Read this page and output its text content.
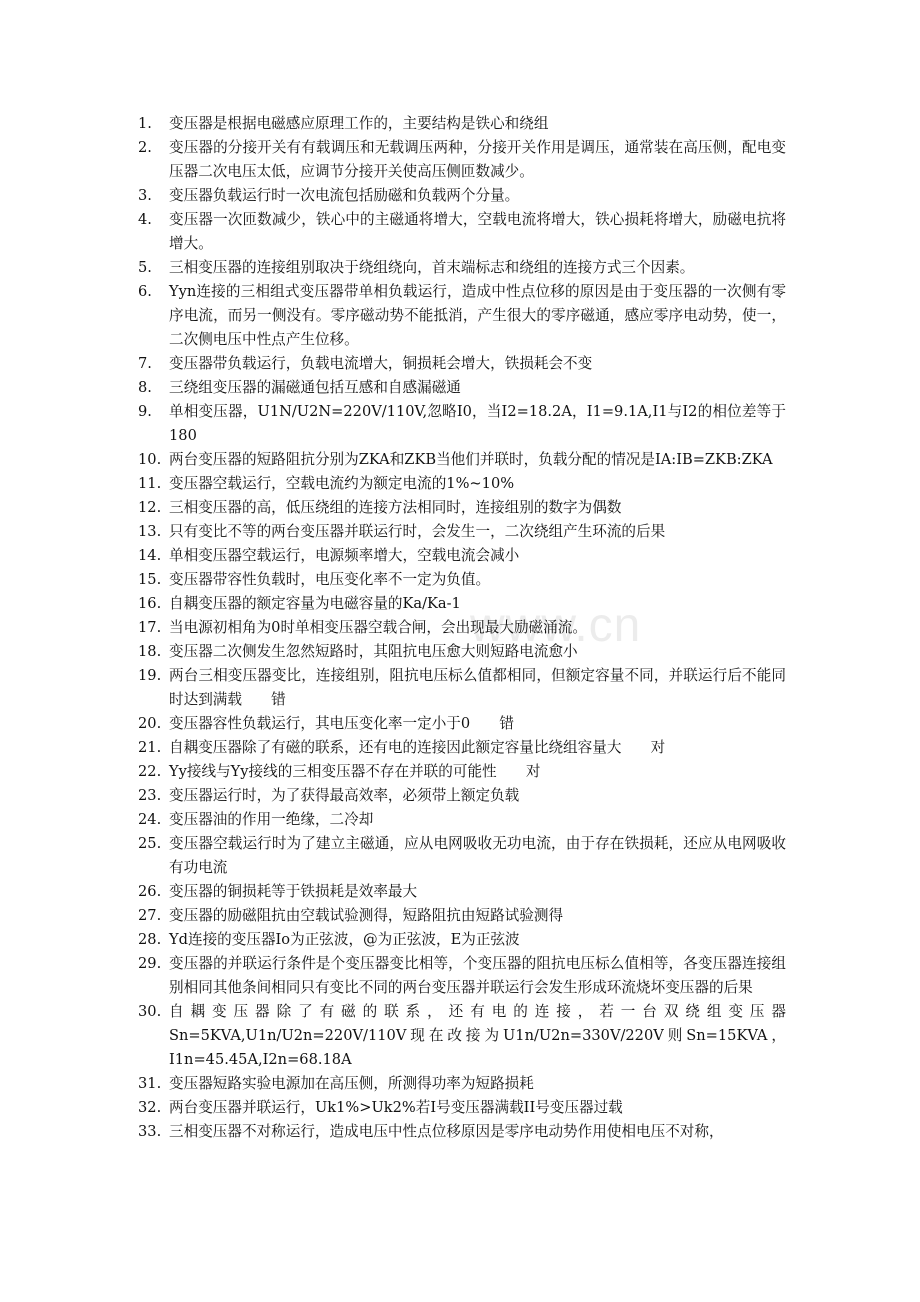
www.cn
1.	变压器是根据电磁感应原理工作的，主要结构是铁心和绕组
2.	变压器的分接开关有有载调压和无载调压两种，分接开关作用是调压，通常装在高压侧，配电变压器二次电压太低，应调节分接开关使高压侧匝数减少。
3.	变压器负载运行时一次电流包括励磁和负载两个分量。
4.	变压器一次匝数减少，铁心中的主磁通将增大，空载电流将增大，铁心损耗将增大，励磁电抗将增大。
5.	三相变压器的连接组别取决于绕组绕向，首末端标志和绕组的连接方式三个因素。
6.	Yyn连接的三相组式变压器带单相负载运行，造成中性点位移的原因是由于变压器的一次侧有零序电流，而另一侧没有。零序磁动势不能抵消，产生很大的零序磁通，感应零序电动势，使一，二次侧电压中性点产生位移。
7.	变压器带负载运行，负载电流增大，铜损耗会增大，铁损耗会不变
8.	三绕组变压器的漏磁通包括互感和自感漏磁通
9.	单相变压器，U1N/U2N=220V/110V,忽略I0，当I2=18.2A，I1=9.1A,I1与I2的相位差等于180
10. 两台变压器的短路阻抗分别为ZKA和ZKB当他们并联时，负载分配的情况是IA:IB=ZKB:ZKA
11. 变压器空载运行，空载电流约为额定电流的1%~10%
12. 三相变压器的高，低压绕组的连接方法相同时，连接组别的数字为偶数
13. 只有变比不等的两台变压器并联运行时，会发生一，二次绕组产生环流的后果
14. 单相变压器空载运行，电源频率增大，空载电流会减小
15. 变压器带容性负载时，电压变化率不一定为负值。
16. 自耦变压器的额定容量为电磁容量的Ka/Ka-1
17. 当电源初相角为0时单相变压器空载合闸，会出现最大励磁涌流。
18. 变压器二次侧发生忽然短路时，其阻抗电压愈大则短路电流愈小
19. 两台三相变压器变比，连接组别，阻抗电压标么值都相同，但额定容量不同，并联运行后不能同时达到满载　　错
20. 变压器容性负载运行，其电压变化率一定小于0　　错
21. 自耦变压器除了有磁的联系，还有电的连接因此额定容量比绕组容量大　　对
22. Yy接线与Yy接线的三相变压器不存在并联的可能性　　对
23. 变压器运行时，为了获得最高效率，必须带上额定负载
24. 变压器油的作用一绝缘，二冷却
25. 变压器空载运行时为了建立主磁通，应从电网吸收无功电流，由于存在铁损耗，还应从电网吸收有功电流
26. 变压器的铜损耗等于铁损耗是效率最大
27. 变压器的励磁阻抗由空载试验测得，短路阻抗由短路试验测得
28. Yd连接的变压器Io为正弦波，@为正弦波，E为正弦波
29. 变压器的并联运行条件是个变压器变比相等，个变压器的阻抗电压标么值相等，各变压器连接组别相同其他条间相同只有变比不同的两台变压器并联运行会发生形成环流烧坏变压器的后果
30. 自耦变压器除了有磁的联系，还有电的连接，若一台双绕组变压器Sn=5KVA,U1n/U2n=220V/110V现在改接为U1n/U2n=330V/220V则Sn=15KVA，I1n=45.45A,I2n=68.18A
31. 变压器短路实验电源加在高压侧，所测得功率为短路损耗
32. 两台变压器并联运行，Uk1%>Uk2%若I号变压器满载II号变压器过载
33. 三相变压器不对称运行，造成电压中性点位移原因是零序电动势作用使相电压不对称，
